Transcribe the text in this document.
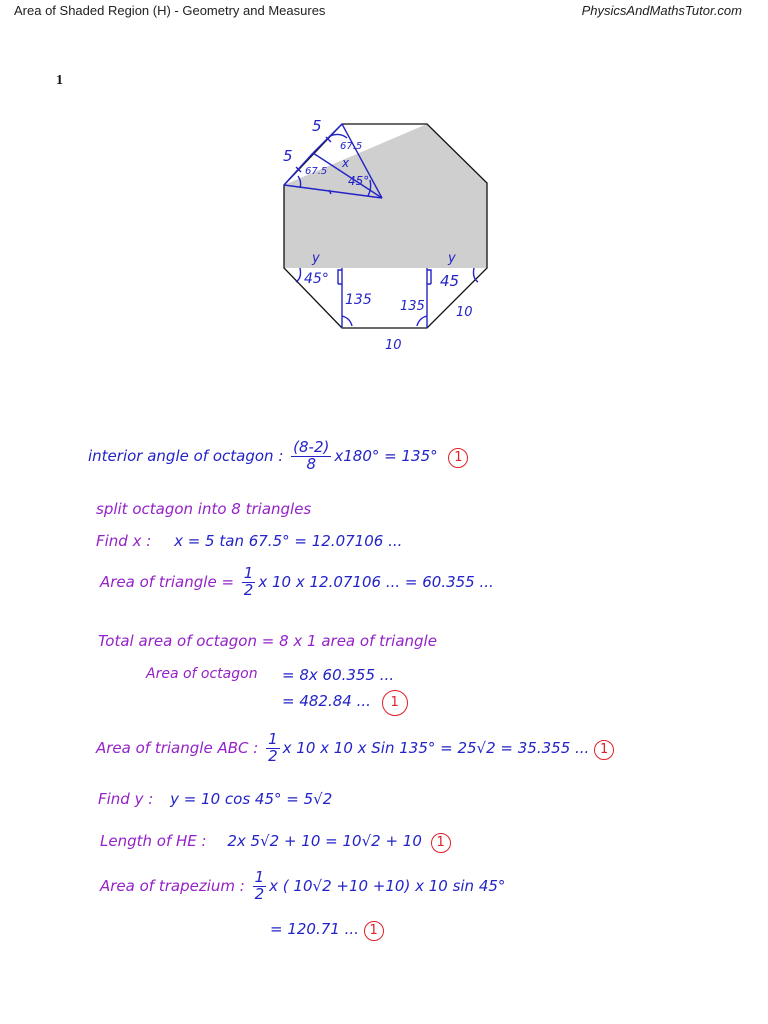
Area of Shaded Region (H) - Geometry and Measures	PhysicsAndMathsTutor.com
1
5
5
67.5
67.5
x
45°
y	y
45°	45
135 135 10
10
interior angle of octagon : $\frac{(8-2)}{8} x180^\circ = 135^\circ$ 1
split octagon into 8 triangles
Find x : x = 5 tan 67.5° = 12.07106 ...
Area of triangle = $\frac{1}{2}$ x 10 x 12.07106 ... = 60.355 ...
Total area of octagon = 8 x 1 area of triangle
Area of octagon = 8x 60.355 ...
= 482.84 ... 1
Area of triangle ABC : $\frac{1}{2}$ x 10 x 10 x Sin 135° = 25√2 = 35.355 ... 1
Find y : y = 10 cos 45° = 5√2
Length of HE : 2x 5√2 + 10 = 10√2 + 10 1
Area of trapezium : $\frac{1}{2}$ x ( 10√2 +10 +10) x 10 sin 45°
= 120.71 ... 1
